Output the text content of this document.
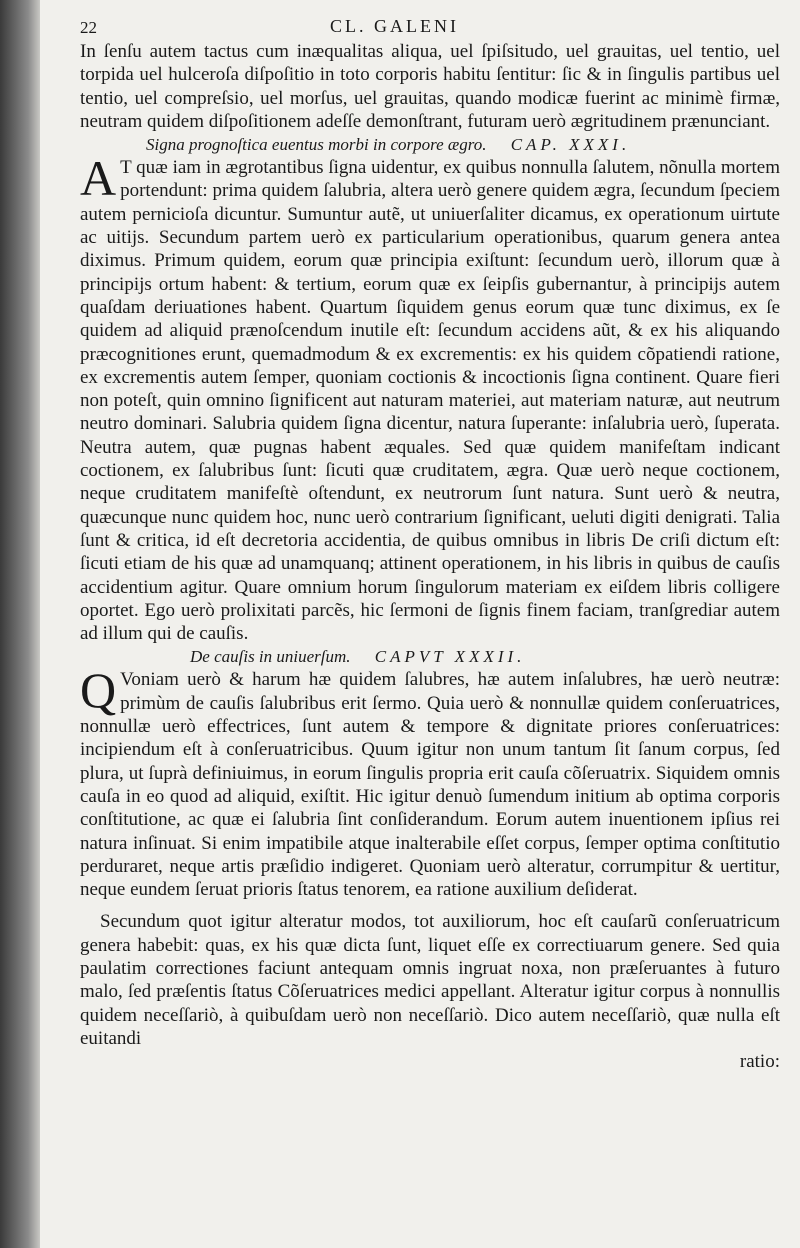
22	CL. GALENI

In ſenſu autem tactus cum inæqualitas aliqua, uel ſpiſsitudo, uel grauitas, uel tentio, uel torpida uel hulceroſa diſpoſitio in toto corporis habitu ſentitur: ſic & in ſingulis partibus uel tentio, uel compreſsio, uel morſus, uel grauitas, quando modicæ fuerint ac minimè firmæ, neutram quidem diſpoſitionem adeſſe demonſtrant, futuram uerò ægritudinem prænunciant.

Signa prognoſtica euentus morbi in corpore ægro. CAP. XXXI.

A T quæ iam in ægrotantibus ſigna uidentur, ex quibus nonnulla ſalutem, nõnulla mortem portendunt: prima quidem ſalubria, altera uerò genere quidem ægra, ſecundum ſpeciem autem pernicioſa dicuntur. Sumuntur autẽ, ut uniuerſaliter dicamus, ex operationum uirtute ac uitijs. Secundum partem uerò ex particularium operationibus, quarum genera antea diximus. Primum quidem, eorum quæ principia exiſtunt: ſecundum uerò, illorum quæ à principijs ortum habent: & tertium, eorum quæ ex ſeipſis gubernantur, à principijs autem quaſdam deriuationes habent. Quartum ſiquidem genus eorum quæ tunc diximus, ex ſe quidem ad aliquid prænoſcendum inutile eſt: ſecundum accidens aũt, & ex his aliquando præcognitiones erunt, quemadmodum & ex excrementis: ex his quidem cõpatiendi ratione, ex excrementis autem ſemper, quoniam coctionis & incoctionis ſigna continent. Quare fieri non poteſt, quin omnino ſignificent aut naturam materiei, aut materiam naturæ, aut neutrum neutro dominari. Salubria quidem ſigna dicentur, natura ſuperante: inſalubria uerò, ſuperata. Neutra autem, quæ pugnas habent æquales. Sed quæ quidem manifeſtam indicant coctionem, ex ſalubribus ſunt: ſicuti quæ cruditatem, ægra. Quæ uerò neque coctionem, neque cruditatem manifeſtè oſtendunt, ex neutrorum ſunt natura. Sunt uerò & neutra, quæcunque nunc quidem hoc, nunc uerò contrarium ſignificant, ueluti digiti denigrati. Talia ſunt & critica, id eſt decretoria accidentia, de quibus omnibus in libris De criſi dictum eſt: ſicuti etiam de his quæ ad unamquanq; attinent operationem, in his libris in quibus de cauſis accidentium agitur. Quare omnium horum ſingulorum materiam ex eiſdem libris colligere oportet. Ego uerò prolixitati parcẽs, hic ſermoni de ſignis finem faciam, tranſgrediar autem ad illum qui de cauſis.

De cauſis in uniuerſum. CAPVT XXXII.

Q Voniam uerò & harum hæ quidem ſalubres, hæ autem inſalubres, hæ uerò neutræ: primùm de cauſis ſalubribus erit ſermo. Quia uerò & nonnullæ quidem conſeruatrices, nonnullæ uerò effectrices, ſunt autem & tempore & dignitate priores conſeruatrices: incipiendum eſt à conſeruatricibus. Quum igitur non unum tantum ſit ſanum corpus, ſed plura, ut ſuprà definiuimus, in eorum ſingulis propria erit cauſa cõſeruatrix. Siquidem omnis cauſa in eo quod ad aliquid, exiſtit. Hic igitur denuò ſumendum initium ab optima corporis conſtitutione, ac quæ ei ſalubria ſint conſiderandum. Eorum autem inuentionem ipſius rei natura inſinuat. Si enim impatibile atque inalterabile eſſet corpus, ſemper optima conſtitutio perduraret, neque artis præſidio indigeret. Quoniam uerò alteratur, corrumpitur & uertitur, neque eundem ſeruat prioris ſtatus tenorem, ea ratione auxilium deſiderat.

Secundum quot igitur alteratur modos, tot auxiliorum, hoc eſt cauſarũ conſeruatricum genera habebit: quas, ex his quæ dicta ſunt, liquet eſſe ex correctiuarum genere. Sed quia paulatim correctiones faciunt antequam omnis ingruat noxa, non præſeruantes à futuro malo, ſed præſentis ſtatus Cõſeruatrices medici appellant. Alteratur igitur corpus à nonnullis quidem neceſſariò, à quibuſdam uerò non neceſſariò. Dico autem neceſſariò, quæ nulla eſt euitandi

ratio:
